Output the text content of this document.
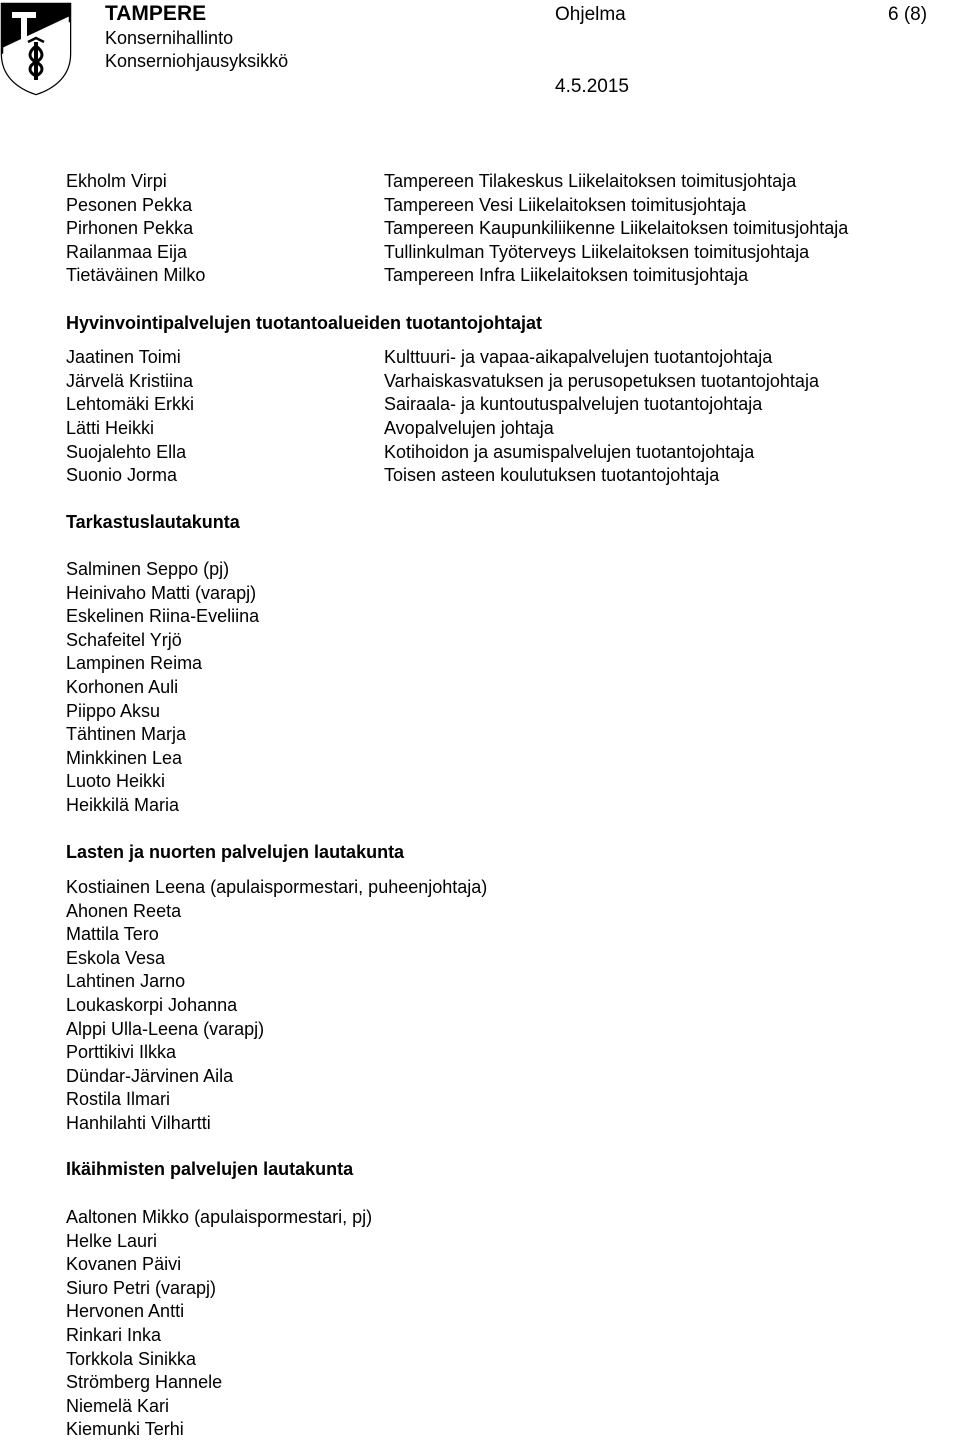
TAMPERE
Konsernihallinto
Konserniohjausyksikkö
Ohjelma	6 (8)
4.5.2015
Ekholm Virpi	Tampereen Tilakeskus Liikelaitoksen toimitusjohtaja
Pesonen Pekka	Tampereen Vesi Liikelaitoksen toimitusjohtaja
Pirhonen Pekka	Tampereen Kaupunkiliikenne Liikelaitoksen toimitusjohtaja
Railanmaa Eija	Tullinkulman Työterveys Liikelaitoksen toimitusjohtaja
Tietäväinen Milko	Tampereen Infra Liikelaitoksen toimitusjohtaja
Hyvinvointipalvelujen tuotantoalueiden tuotantojohtajat
Jaatinen Toimi	Kulttuuri- ja vapaa-aikapalvelujen tuotantojohtaja
Järvelä Kristiina	Varhaiskasvatuksen ja perusopetuksen tuotantojohtaja
Lehtomäki Erkki	Sairaala- ja kuntoutuspalvelujen tuotantojohtaja
Lätti Heikki	Avopalvelujen johtaja
Suojalehto Ella	Kotihoidon ja asumispalvelujen tuotantojohtaja
Suonio Jorma	Toisen asteen koulutuksen tuotantojohtaja
Tarkastuslautakunta
Salminen Seppo (pj)
Heinivaho Matti (varapj)
Eskelinen Riina-Eveliina
Schafeitel Yrjö
Lampinen Reima
Korhonen Auli
Piippo Aksu
Tähtinen Marja
Minkkinen Lea
Luoto Heikki
Heikkilä Maria
Lasten ja nuorten palvelujen lautakunta
Kostiainen Leena (apulaispormestari, puheenjohtaja)
Ahonen Reeta
Mattila Tero
Eskola Vesa
Lahtinen Jarno
Loukaskorpi Johanna
Alppi Ulla-Leena (varapj)
Porttikivi Ilkka
Dündar-Järvinen Aila
Rostila Ilmari
Hanhilahti Vilhartti
Ikäihmisten palvelujen lautakunta
Aaltonen Mikko (apulaispormestari, pj)
Helke Lauri
Kovanen Päivi
Siuro Petri (varapj)
Hervonen Antti
Rinkari Inka
Torkkola Sinikka
Strömberg Hannele
Niemelä Kari
Kiemunki Terhi
